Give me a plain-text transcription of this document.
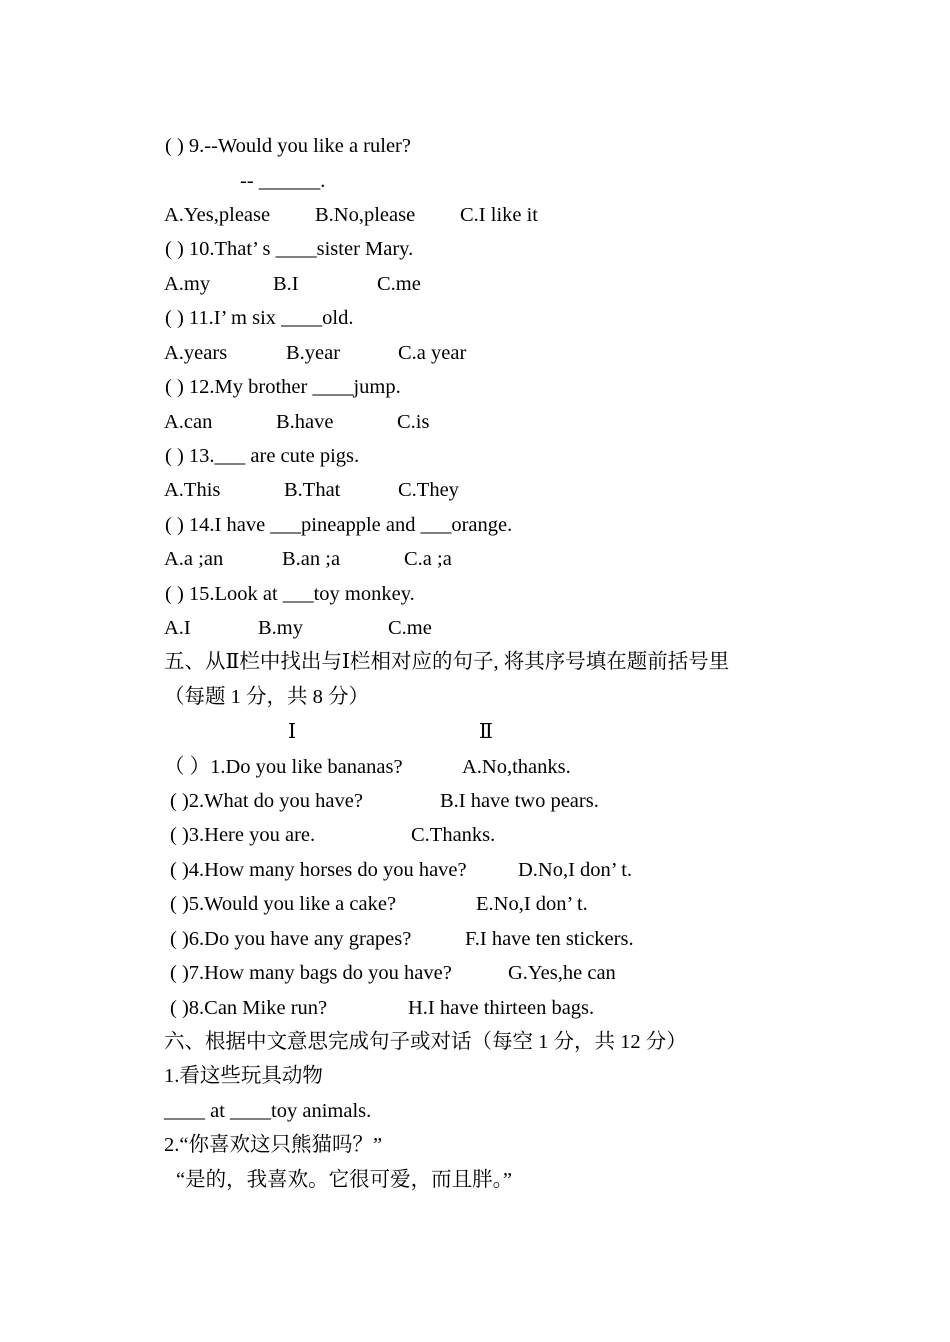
( ) 9.--Would you like a ruler?
-- ______.
A.Yes,please B.No,please C.I like it
( ) 10.That’ s ____sister Mary.
A.my	B.I	C.me
( ) 11.I’ m six ____old.
A.years	B.year	C.a year
( ) 12.My brother ____jump.
A.can	B.have	C.is
( ) 13.___ are cute pigs.
A.This	B.That	C.They
( ) 14.I have ___pineapple and ___orange.
A.a ;an	B.an ;a	C.a ;a
( ) 15.Look at ___toy monkey.
A.I	B.my	C.me
五、从Ⅱ栏中找出与Ⅰ栏相对应的句子, 将其序号填在题前括号里
（每题 1 分，共 8 分）
Ⅰ	Ⅱ
（ ）1.Do you like bananas?	A.No,thanks.
( )2.What do you have?	B.I have two pears.
( )3.Here you are.	C.Thanks.
( )4.How many horses do you have?	D.No,I don’ t.
( )5.Would you like a cake?	E.No,I don’ t.
( )6.Do you have any grapes?	F.I have ten stickers.
( )7.How many bags do you have?	G.Yes,he can
( )8.Can Mike run?	H.I have thirteen bags.
六、根据中文意思完成句子或对话（每空 1 分，共 12 分）
1.看这些玩具动物
____ at ____toy animals.
2.“你喜欢这只熊猫吗？”
“是的，我喜欢。它很可爱，而且胖。”
